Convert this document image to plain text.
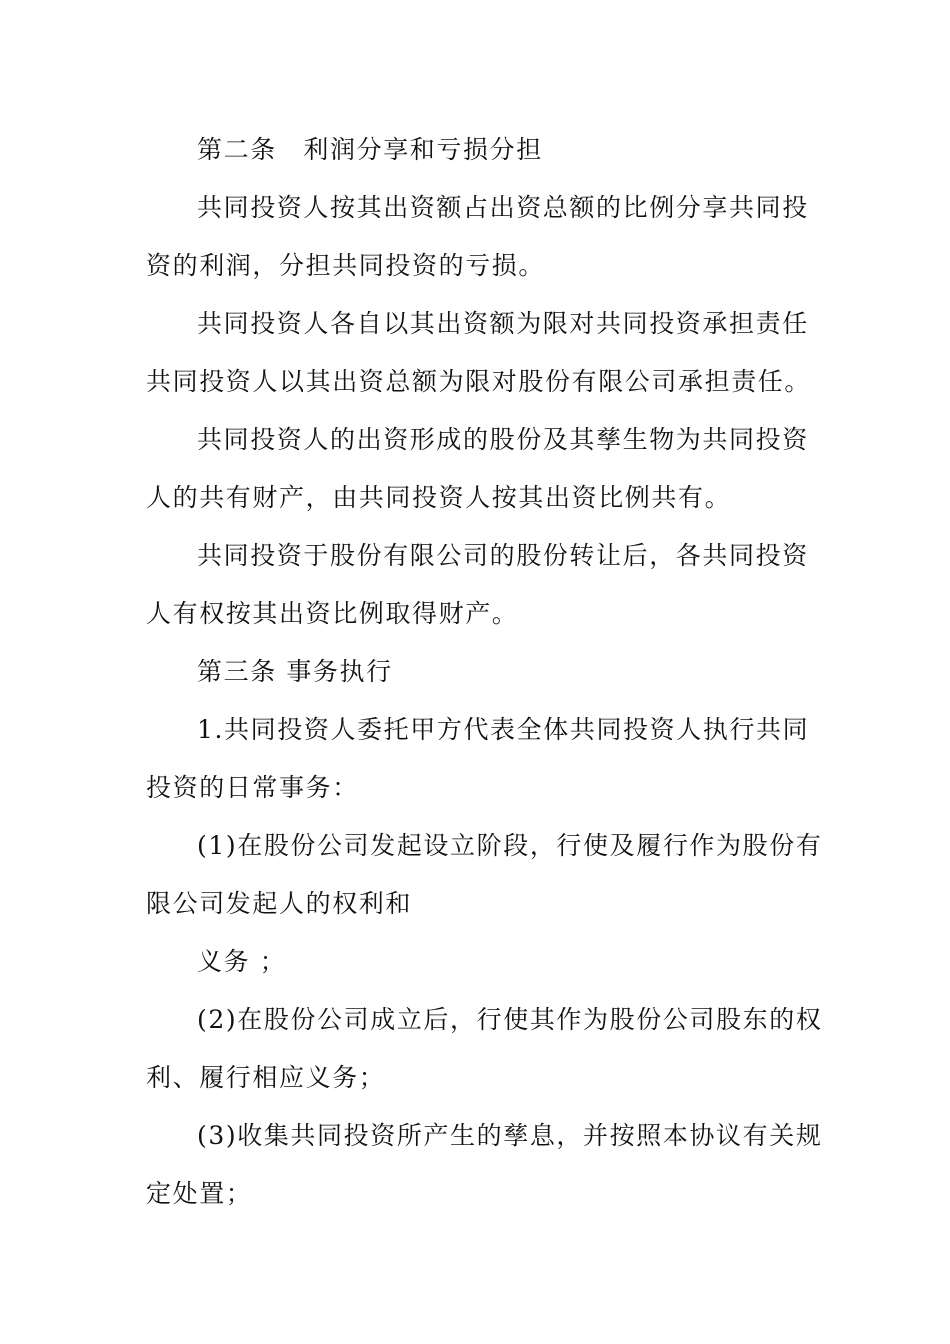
第二条　利润分享和亏损分担
共同投资人按其出资额占出资总额的比例分享共同投
资的利润，分担共同投资的亏损。
共同投资人各自以其出资额为限对共同投资承担责任
共同投资人以其出资总额为限对股份有限公司承担责任。
共同投资人的出资形成的股份及其孳生物为共同投资
人的共有财产，由共同投资人按其出资比例共有。
共同投资于股份有限公司的股份转让后，各共同投资
人有权按其出资比例取得财产。
第三条 事务执行
1.共同投资人委托甲方代表全体共同投资人执行共同
投资的日常事务：
(1)在股份公司发起设立阶段，行使及履行作为股份有
限公司发起人的权利和
义务 ；
(2)在股份公司成立后，行使其作为股份公司股东的权
利、履行相应义务；
(3)收集共同投资所产生的孳息，并按照本协议有关规
定处置；
